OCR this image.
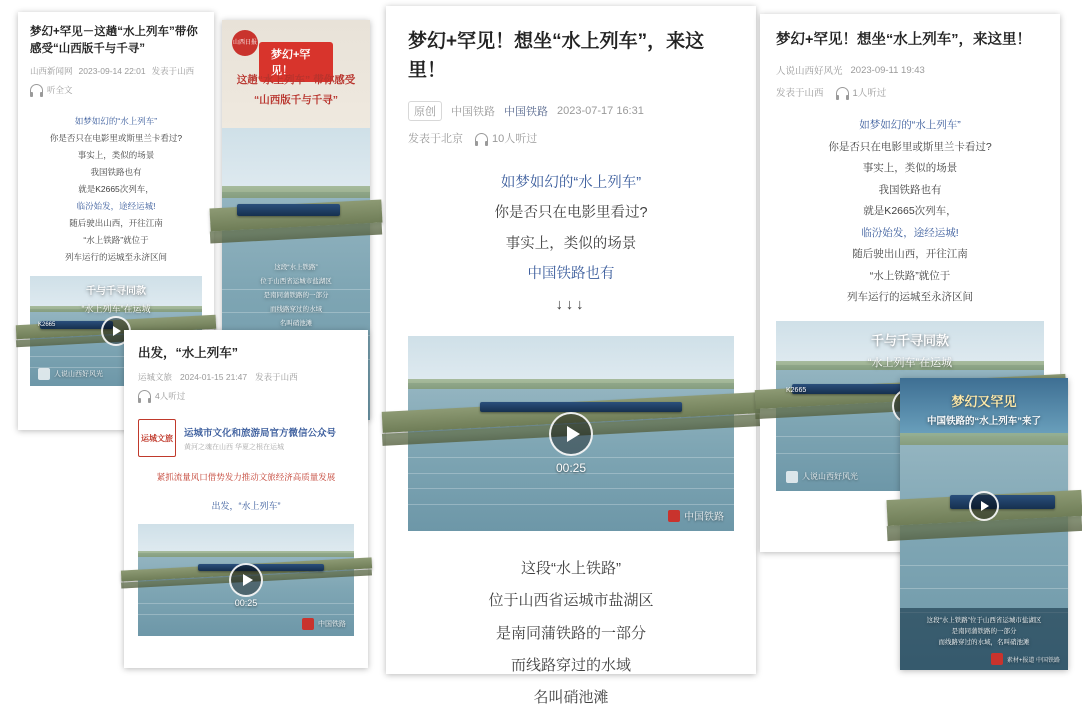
梦幻+罕见－这趟“水上列车”带你感受“山西版千与千寻”
山西新闻网 2023-09-14 22:01 发表于山西
听全文
如梦如幻的“水上列车”
你是否只在电影里或斯里兰卡看过?
事实上，类似的场景
我国铁路也有
就是K2665次列车，
临汾始发，途经运城!
随后驶出山西，开往江南
“水上铁路”就位于
列车运行的运城至永济区间
千与千寻同款
“水上列车”在运城
K2665
人说山西好风光
山西日报
梦幻+罕见！
这趟“水上列车” 带你感受
“山西版千与千寻”
这段“水上铁路”
位于山西省运城市盐湖区
是南同蒲铁路的一部分
而线路穿过的水域
名叫硝池滩
出发，“水上列车”
运城文旅 2024-01-15 21:47 发表于山西
4人听过
运城文旅	运城市文化和旅游局官方微信公众号
黄河之魂在山西 华夏之根在运城
紧抓流量风口借势发力推动文旅经济高质量发展
出发，“水上列车”
00:25
中国铁路
梦幻+罕见！想坐“水上列车”，来这里！
原创	中国铁路 中国铁路 2023-07-17 16:31
发表于北京	10人听过
如梦如幻的“水上列车”
你是否只在电影里看过?
事实上，类似的场景
中国铁路也有
↓↓↓
00:25
中国铁路
这段“水上铁路”
位于山西省运城市盐湖区
是南同蒲铁路的一部分
而线路穿过的水域
名叫硝池滩
梦幻+罕见！想坐“水上列车”，来这里！
人说山西好风光 2023-09-11 19:43
发表于山西	1人听过
如梦如幻的“水上列车”
你是否只在电影里或斯里兰卡看过?
事实上，类似的场景
我国铁路也有
就是K2665次列车，
临汾始发，途经运城!
随后驶出山西，开往江南
“水上铁路”就位于
列车运行的运城至永济区间
千与千寻同款
“水上列车”在运城
K2665
人说山西好风光
梦幻又罕见
中国铁路的“水上列车”来了
这段“水上铁路”位于山西省运城市盐湖区
是南同蒲铁路的一部分
而线路穿过的水域，名叫硝池滩
素材+报道 中国铁路
